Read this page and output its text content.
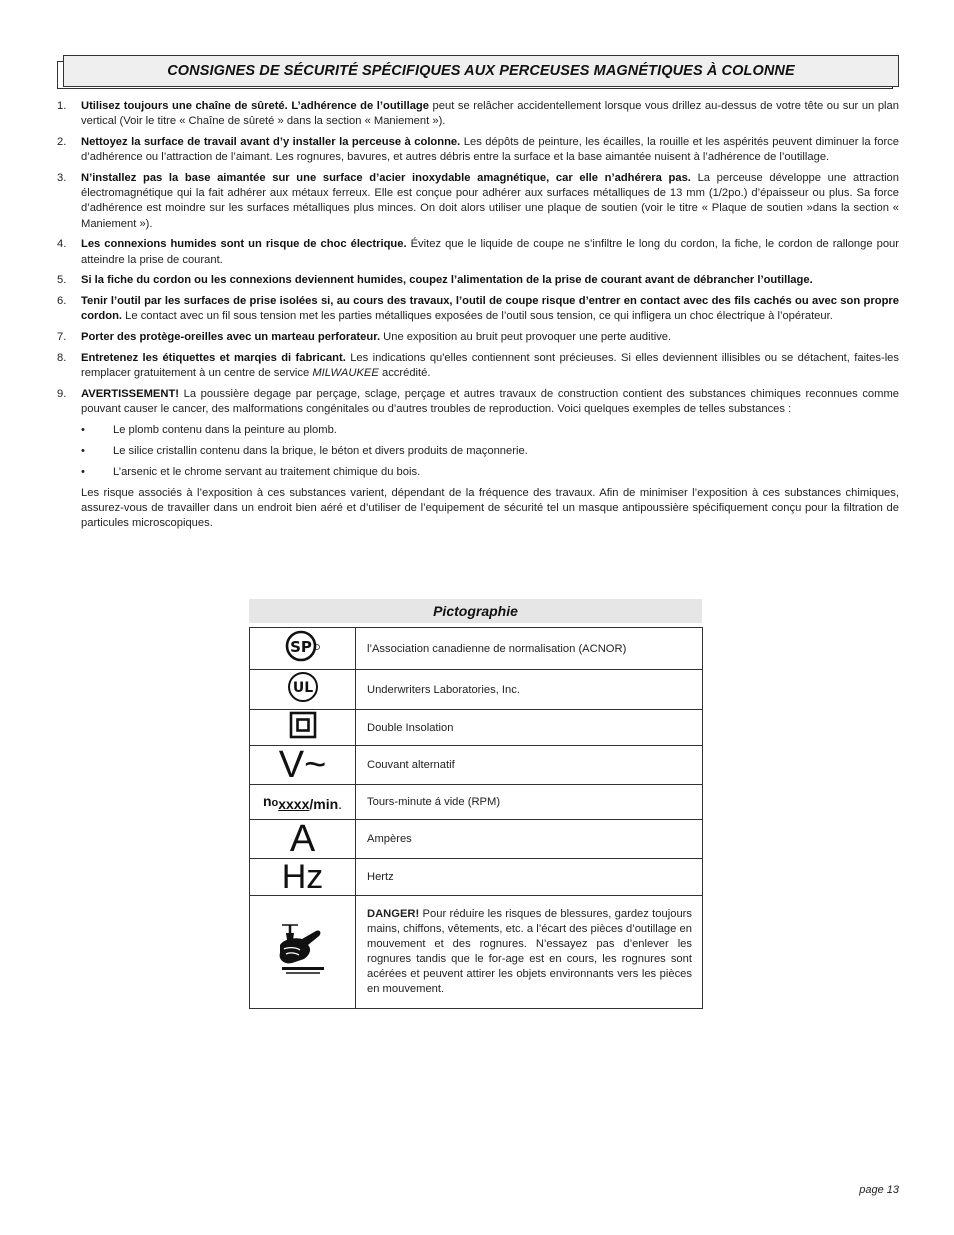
CONSIGNES DE SÉCURITÉ SPÉCIFIQUES AUX PERCEUSES MAGNÉTIQUES À COLONNE
1.	Utilisez toujours une chaîne de sûreté. L’adhérence de l’outillage peut se relâcher accidentellement lorsque vous drillez au-dessus de votre tête ou sur un plan vertical (Voir le titre « Chaîne de sûreté » dans la section « Maniement »).
2.	Nettoyez la surface de travail avant d’y installer la perceuse à colonne. Les dépôts de peinture, les écailles, la rouille et les aspérités peuvent diminuer la force d’adhérence ou l’attraction de l’aimant. Les rognures, bavures, et autres débris entre la surface et la base aimantée nuisent à l’adhérence de l’outillage.
3.	N’installez pas la base aimantée sur une surface d’acier inoxydable amagnétique, car elle n’adhérera pas. La perceuse développe une attraction électromagnétique qui la fait adhérer aux métaux ferreux. Elle est conçue pour adhérer aux surfaces métalliques de 13 mm (1/2po.) d’épaisseur ou plus. Sa force d’adhérence est moindre sur les surfaces métalliques plus minces. On doit alors utiliser une plaque de soutien (voir le titre « Plaque de soutien »dans la section « Maniement »).
4.	Les connexions humides sont un risque de choc électrique. Évitez que le liquide de coupe ne s’infiltre le long du cordon, la fiche, le cordon de rallonge pour atteindre la prise de courant.
5.	Si la fiche du cordon ou les connexions deviennent humides, coupez l’alimentation de la prise de courant avant de débrancher l’outillage.
6.	Tenir l’outil par les surfaces de prise isolées si, au cours des travaux, l’outil de coupe risque d’entrer en contact avec des fils cachés ou avec son propre cordon. Le contact avec un fil sous tension met les parties métalliques exposées de l’outil sous tension, ce qui infligera un choc électrique à l’opérateur.
7.	Porter des protège-oreilles avec un marteau perforateur. Une exposition au bruit peut provoquer une perte auditive.
8.	Entretenez les étiquettes et marqies di fabricant. Les indications qu'elles contiennent sont précieuses. Si elles deviennent illisibles ou se détachent, faites-les remplacer gratuitement à un centre de service MILWAUKEE accrédité.
9.	AVERTISSEMENT! La poussière degage par perçage, sclage, perçage et autres travaux de construction contient des substances chimiques reconnues comme pouvant causer le cancer, des malformations congénitales ou d’autres troubles de reproduction. Voici quelques exemples de telles substances :
•	Le plomb contenu dans la peinture au plomb.
•	Le silice cristallin contenu dans la brique, le béton et divers produits de maçonnerie.
•	L’arsenic et le chrome servant au traitement chimique du bois.
Les risque associés à l’exposition à ces substances varient, dépendant de la fréquence des travaux. Afin de minimiser l’exposition à ces substances chimiques, assurez-vous de travailler dans un endroit bien aéré et d’utiliser de l’equipement de sécurité tel un masque antipoussière spécifiquement conçu pour la filtration de particules microscopiques.
Pictographie
SP	l’Association canadienne de normalisation (ACNOR)

UL	Underwriters Laboratories, Inc.
	Double Insolation
V~	Couvant alternatif
noxxxx/min.	Tours-minute á vide (RPM)
A	Ampères
Hz	Hertz
	DANGER! Pour réduire les risques de blessures, gardez toujours mains, chiffons, vêtements, etc. a l’écart des pièces d’outillage en mouvement et des rognures. N’essayez pas d’enlever les rognures tandis que le for-age est en cours, les rognures sont acérées et peuvent attirer les objets environnants vers les pièces en mouvement.
page 13
